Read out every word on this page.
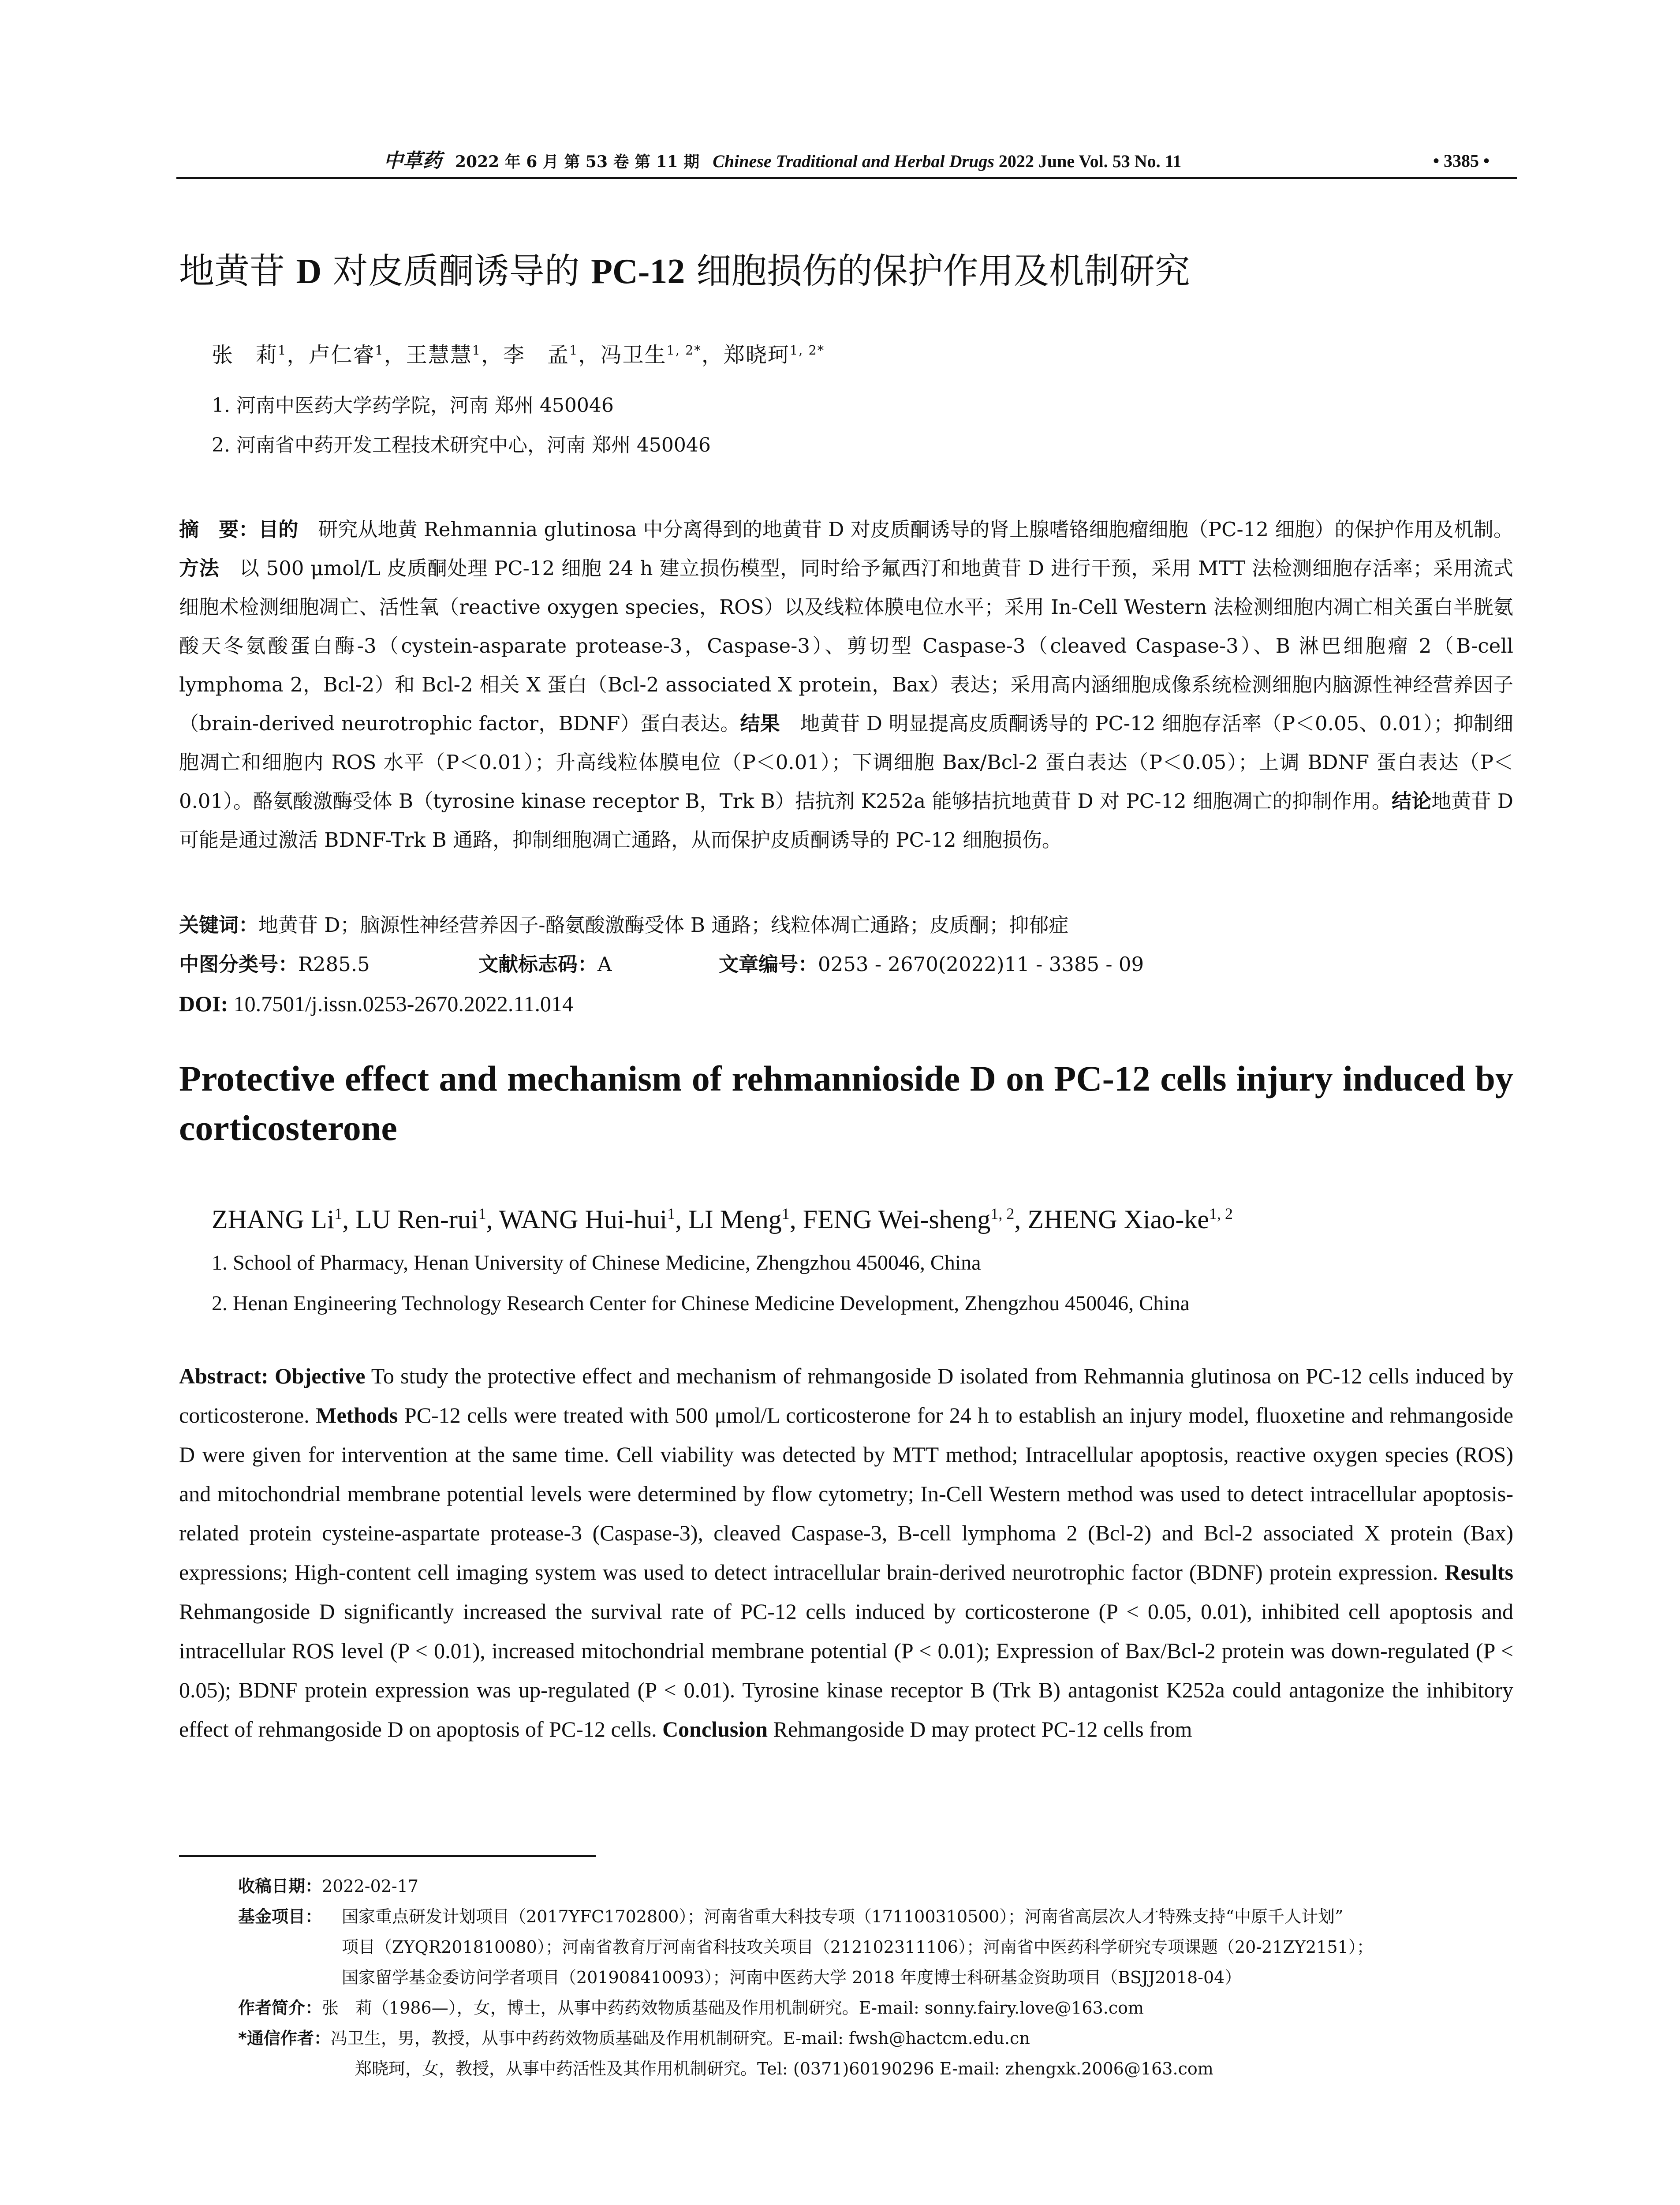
中草药 2022 年 6 月 第 53 卷 第 11 期 Chinese Traditional and Herbal Drugs 2022 June Vol. 53 No. 11	• 3385 •
地黄苷 D 对皮质酮诱导的 PC-12 细胞损伤的保护作用及机制研究
张　莉$^1$，卢仁睿$^1$，王慧慧$^1$，李　孟$^1$，冯卫生$^{1, 2*}$，郑晓珂$^{1, 2*}$
1. 河南中医药大学药学院，河南 郑州 450046
2. 河南省中药开发工程技术研究中心，河南 郑州 450046
摘　要：目的　研究从地黄 Rehmannia glutinosa 中分离得到的地黄苷 D 对皮质酮诱导的肾上腺嗜铬细胞瘤细胞（PC-12 细胞）的保护作用及机制。方法　以 500 μmol/L 皮质酮处理 PC-12 细胞 24 h 建立损伤模型，同时给予氟西汀和地黄苷 D 进行干预，采用 MTT 法检测细胞存活率；采用流式细胞术检测细胞凋亡、活性氧（reactive oxygen species，ROS）以及线粒体膜电位水平；采用 In-Cell Western 法检测细胞内凋亡相关蛋白半胱氨酸天冬氨酸蛋白酶-3（cystein-asparate protease-3，Caspase-3）、剪切型 Caspase-3（cleaved Caspase-3）、B 淋巴细胞瘤 2（B-cell lymphoma 2，Bcl-2）和 Bcl-2 相关 X 蛋白（Bcl-2 associated X protein，Bax）表达；采用高内涵细胞成像系统检测细胞内脑源性神经营养因子（brain-derived neurotrophic factor，BDNF）蛋白表达。结果　地黄苷 D 明显提高皮质酮诱导的 PC-12 细胞存活率（P＜0.05、0.01）；抑制细胞凋亡和细胞内 ROS 水平（P＜0.01）；升高线粒体膜电位（P＜0.01）；下调细胞 Bax/Bcl-2 蛋白表达（P＜0.05）；上调 BDNF 蛋白表达（P＜0.01）。酪氨酸激酶受体 B（tyrosine kinase receptor B，Trk B）拮抗剂 K252a 能够拮抗地黄苷 D 对 PC-12 细胞凋亡的抑制作用。结论地黄苷 D 可能是通过激活 BDNF-Trk B 通路，抑制细胞凋亡通路，从而保护皮质酮诱导的 PC-12 细胞损伤。
关键词：地黄苷 D；脑源性神经营养因子-酪氨酸激酶受体 B 通路；线粒体凋亡通路；皮质酮；抑郁症
中图分类号：R285.5	文献标志码：A	文章编号：0253 - 2670(2022)11 - 3385 - 09
DOI: 10.7501/j.issn.0253-2670.2022.11.014
Protective effect and mechanism of rehmannioside D on PC-12 cells injury induced by corticosterone
ZHANG Li$^1$, LU Ren-rui$^1$, WANG Hui-hui$^1$, LI Meng$^1$, FENG Wei-sheng$^{1, 2}$, ZHENG Xiao-ke$^{1, 2}$
1. School of Pharmacy, Henan University of Chinese Medicine, Zhengzhou 450046, China
2. Henan Engineering Technology Research Center for Chinese Medicine Development, Zhengzhou 450046, China
Abstract: Objective To study the protective effect and mechanism of rehmangoside D isolated from Rehmannia glutinosa on PC-12 cells induced by corticosterone. Methods PC-12 cells were treated with 500 μmol/L corticosterone for 24 h to establish an injury model, fluoxetine and rehmangoside D were given for intervention at the same time. Cell viability was detected by MTT method; Intracellular apoptosis, reactive oxygen species (ROS) and mitochondrial membrane potential levels were determined by flow cytometry; In-Cell Western method was used to detect intracellular apoptosis-related protein cysteine-aspartate protease-3 (Caspase-3), cleaved Caspase-3, B-cell lymphoma 2 (Bcl-2) and Bcl-2 associated X protein (Bax) expressions; High-content cell imaging system was used to detect intracellular brain-derived neurotrophic factor (BDNF) protein expression. Results Rehmangoside D significantly increased the survival rate of PC-12 cells induced by corticosterone (P < 0.05, 0.01), inhibited cell apoptosis and intracellular ROS level (P < 0.01), increased mitochondrial membrane potential (P < 0.01); Expression of Bax/Bcl-2 protein was down-regulated (P < 0.05); BDNF protein expression was up-regulated (P < 0.01). Tyrosine kinase receptor B (Trk B) antagonist K252a could antagonize the inhibitory effect of rehmangoside D on apoptosis of PC-12 cells. Conclusion Rehmangoside D may protect PC-12 cells from
收稿日期：2022-02-17
基金项目： 国家重点研发计划项目（2017YFC1702800）；河南省重大科技专项（171100310500）；河南省高层次人才特殊支持“中原千人计划”
项目（ZYQR201810080）；河南省教育厅河南省科技攻关项目（212102311106）；河南省中医药科学研究专项课题（20-21ZY2151）；
国家留学基金委访问学者项目（201908410093）；河南中医药大学 2018 年度博士科研基金资助项目（BSJJ2018-04）
作者简介：张　莉（1986—），女，博士，从事中药药效物质基础及作用机制研究。E-mail: sonny.fairy.love@163.com
*通信作者：冯卫生，男，教授，从事中药药效物质基础及作用机制研究。E-mail: fwsh@hactcm.edu.cn
郑晓珂，女，教授，从事中药活性及其作用机制研究。Tel: (0371)60190296 E-mail: zhengxk.2006@163.com
